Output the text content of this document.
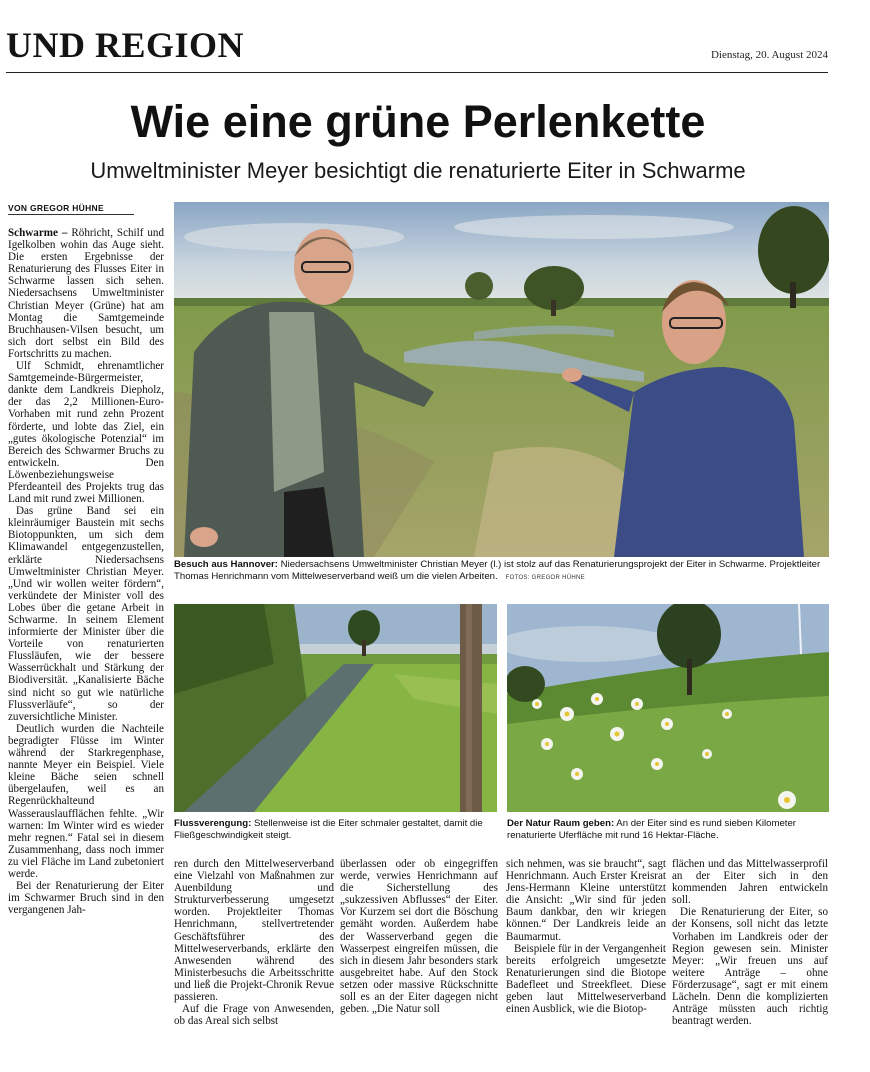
UND REGION	Dienstag, 20. August 2024
Wie eine grüne Perlenkette
Umweltminister Meyer besichtigt die renaturierte Eiter in Schwarme
VON GREGOR HÜHNE

Schwarme – Röhricht, Schilf und Igelkolben wohin das Auge sieht. Die ersten Ergebnisse der Renaturierung des Flusses Eiter in Schwarme lassen sich sehen. Niedersachsens Umweltminister Christian Meyer (Grüne) hat am Montag die Samtgemeinde Bruchhausen-Vilsen besucht, um sich dort selbst ein Bild des Fortschritts zu machen.

Ulf Schmidt, ehrenamtlicher Samtgemeinde-Bürgermeister, dankte dem Landkreis Diepholz, der das 2,2 Millionen-Euro-Vorhaben mit rund zehn Prozent förderte, und lobte das Ziel, ein „gutes ökologische Potenzial“ im Bereich des Schwarmer Bruchs zu entwickeln. Den Löwenbeziehungsweise Pferdeanteil des Projekts trug das Land mit rund zwei Millionen.

Das grüne Band sei ein kleinräumiger Baustein mit sechs Biotoppunkten, um sich dem Klimawandel entgegenzustellen, erklärte Niedersachsens Umweltminister Christian Meyer. „Und wir wollen weiter fördern“, verkündete der Minister voll des Lobes über die getane Arbeit in Schwarme. In seinem Element informierte der Minister über die Vorteile von renaturierten Flussläufen, wie der bessere Wasserrückhalt und Stärkung der Biodiversität. „Kanalisierte Bäche sind nicht so gut wie natürliche Flussverläufe“, so der zuversichtliche Minister.

Deutlich wurden die Nachteile begradigter Flüsse im Winter während der Starkregenphase, nannte Meyer ein Beispiel. Viele kleine Bäche seien schnell übergelaufen, weil es an Regenrückhalteund Wasserauslaufflächen fehlte. „Wir warnen: Im Winter wird es wieder mehr regnen.“ Fatal sei in diesem Zusammenhang, dass noch immer zu viel Fläche im Land zubetoniert werde.

Bei der Renaturierung der Eiter im Schwarmer Bruch sind in den vergangenen Jah-

Besuch aus Hannover: Niedersachsens Umweltminister Christian Meyer (l.) ist stolz auf das Renaturierungsprojekt der Eiter in Schwarme. Projektleiter Thomas Henrichmann vom Mittelweserverband weiß um die vielen Arbeiten. FOTOS: GREGOR HÜHNE
Flussverengung: Stellenweise ist die Eiter schmaler gestaltet, damit die Fließgeschwindigkeit steigt.
Der Natur Raum geben: An der Eiter sind es rund sieben Kilometer renaturierte Uferfläche mit rund 16 Hektar-Fläche.

ren durch den Mittelweserverband eine Vielzahl von Maßnahmen zur Auenbildung und Strukturverbesserung umgesetzt worden. Projektleiter Thomas Henrichmann, stellvertretender Geschäftsführer des Mittelweserverbands, erklärte den Anwesenden während des Ministerbesuchs die Arbeitsschritte und ließ die Projekt-Chronik Revue passieren.

Auf die Frage von Anwesenden, ob das Areal sich selbst

überlassen oder ob eingegriffen werde, verwies Henrichmann auf die Sicherstellung des „sukzessiven Abflusses“ der Eiter. Vor Kurzem sei dort die Böschung gemäht worden. Außerdem habe der Wasserverband gegen die Wasserpest eingreifen müssen, die sich in diesem Jahr besonders stark ausgebreitet habe. Auf den Stock setzen oder massive Rückschnitte soll es an der Eiter dagegen nicht geben. „Die Natur soll

sich nehmen, was sie braucht“, sagt Henrichmann. Auch Erster Kreisrat Jens-Hermann Kleine unterstützt die Ansicht: „Wir sind für jeden Baum dankbar, den wir kriegen können.“ Der Landkreis leide an Baumarmut.

Beispiele für in der Vergangenheit bereits erfolgreich umgesetzte Renaturierungen sind die Biotope Badefleet und Streekfleet. Diese geben laut Mittelweserverband einen Ausblick, wie die Biotop-

flächen und das Mittelwasserprofil an der Eiter sich in den kommenden Jahren entwickeln soll.

Die Renaturierung der Eiter, so der Konsens, soll nicht das letzte Vorhaben im Landkreis oder der Region gewesen sein. Minister Meyer: „Wir freuen uns auf weitere Anträge – ohne Förderzusage“, sagt er mit einem Lächeln. Denn die komplizierten Anträge müssten auch richtig beantragt werden.
